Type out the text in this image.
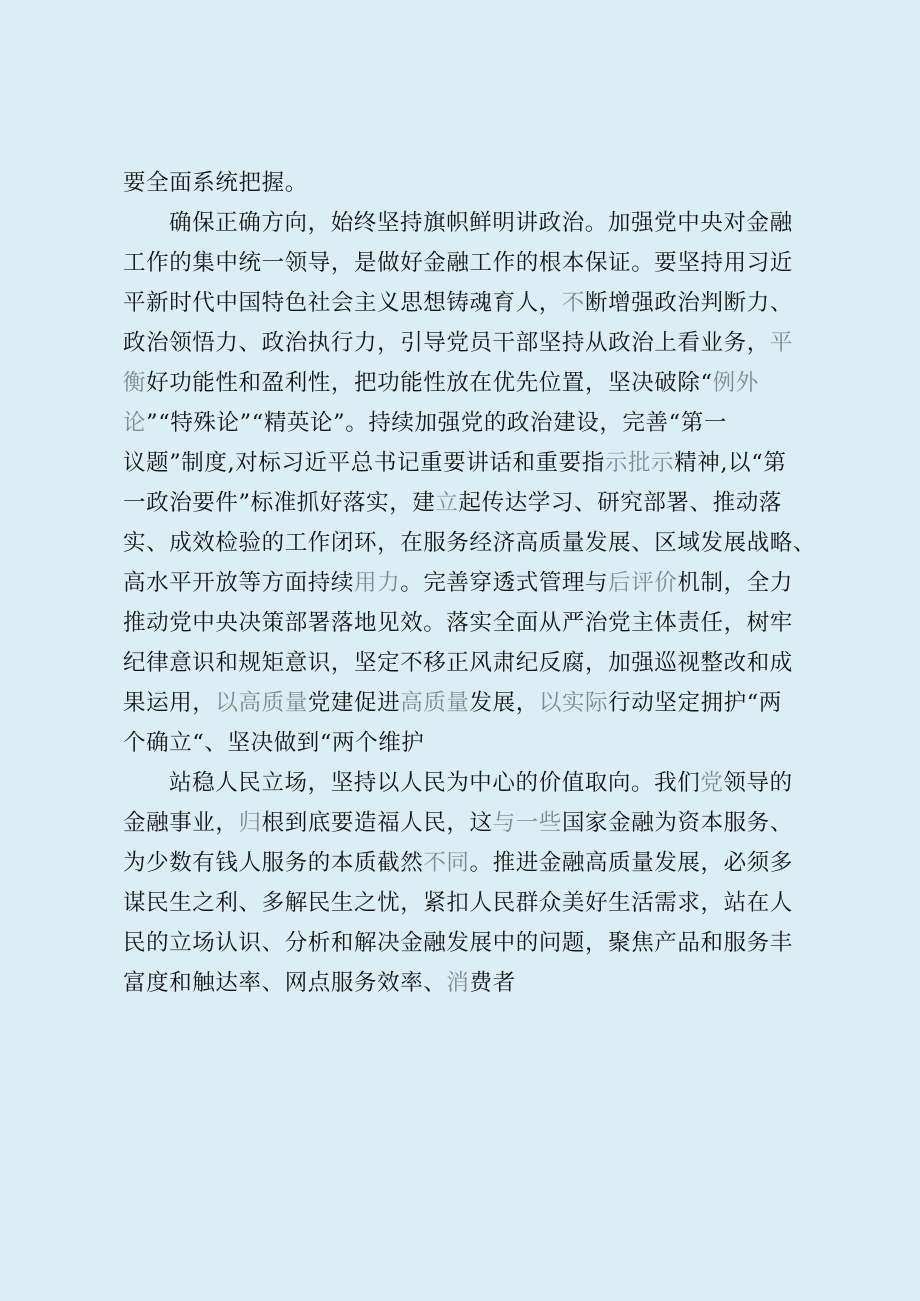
要全面系统把握。
确保正确方向，始终坚持旗帜鲜明讲政治。加强党中央对金融
工作的集中统一领导，是做好金融工作的根本保证。要坚持用习近
平新时代中国特色社会主义思想铸魂育人，不断增强政治判断力、
政治领悟力、政治执行力，引导党员干部坚持从政治上看业务，平
衡好功能性和盈利性，把功能性放在优先位置，坚决破除“例外
论”“特殊论”“精英论”。持续加强党的政治建设，完善“第一
议题”制度,对标习近平总书记重要讲话和重要指示批示精神,以“第
一政治要件”标准抓好落实，建立起传达学习、研究部署、推动落
实、成效检验的工作闭环，在服务经济高质量发展、区域发展战略、
高水平开放等方面持续用力。完善穿透式管理与后评价机制，全力
推动党中央决策部署落地见效。落实全面从严治党主体责任，树牢
纪律意识和规矩意识，坚定不移正风肃纪反腐，加强巡视整改和成
果运用，以高质量党建促进高质量发展，以实际行动坚定拥护“两
个确立“、坚决做到“两个维护
站稳人民立场，坚持以人民为中心的价值取向。我们党领导的
金融事业，归根到底要造福人民，这与一些国家金融为资本服务、
为少数有钱人服务的本质截然不同。推进金融高质量发展，必须多
谋民生之利、多解民生之忧，紧扣人民群众美好生活需求，站在人
民的立场认识、分析和解决金融发展中的问题，聚焦产品和服务丰
富度和触达率、网点服务效率、消费者
